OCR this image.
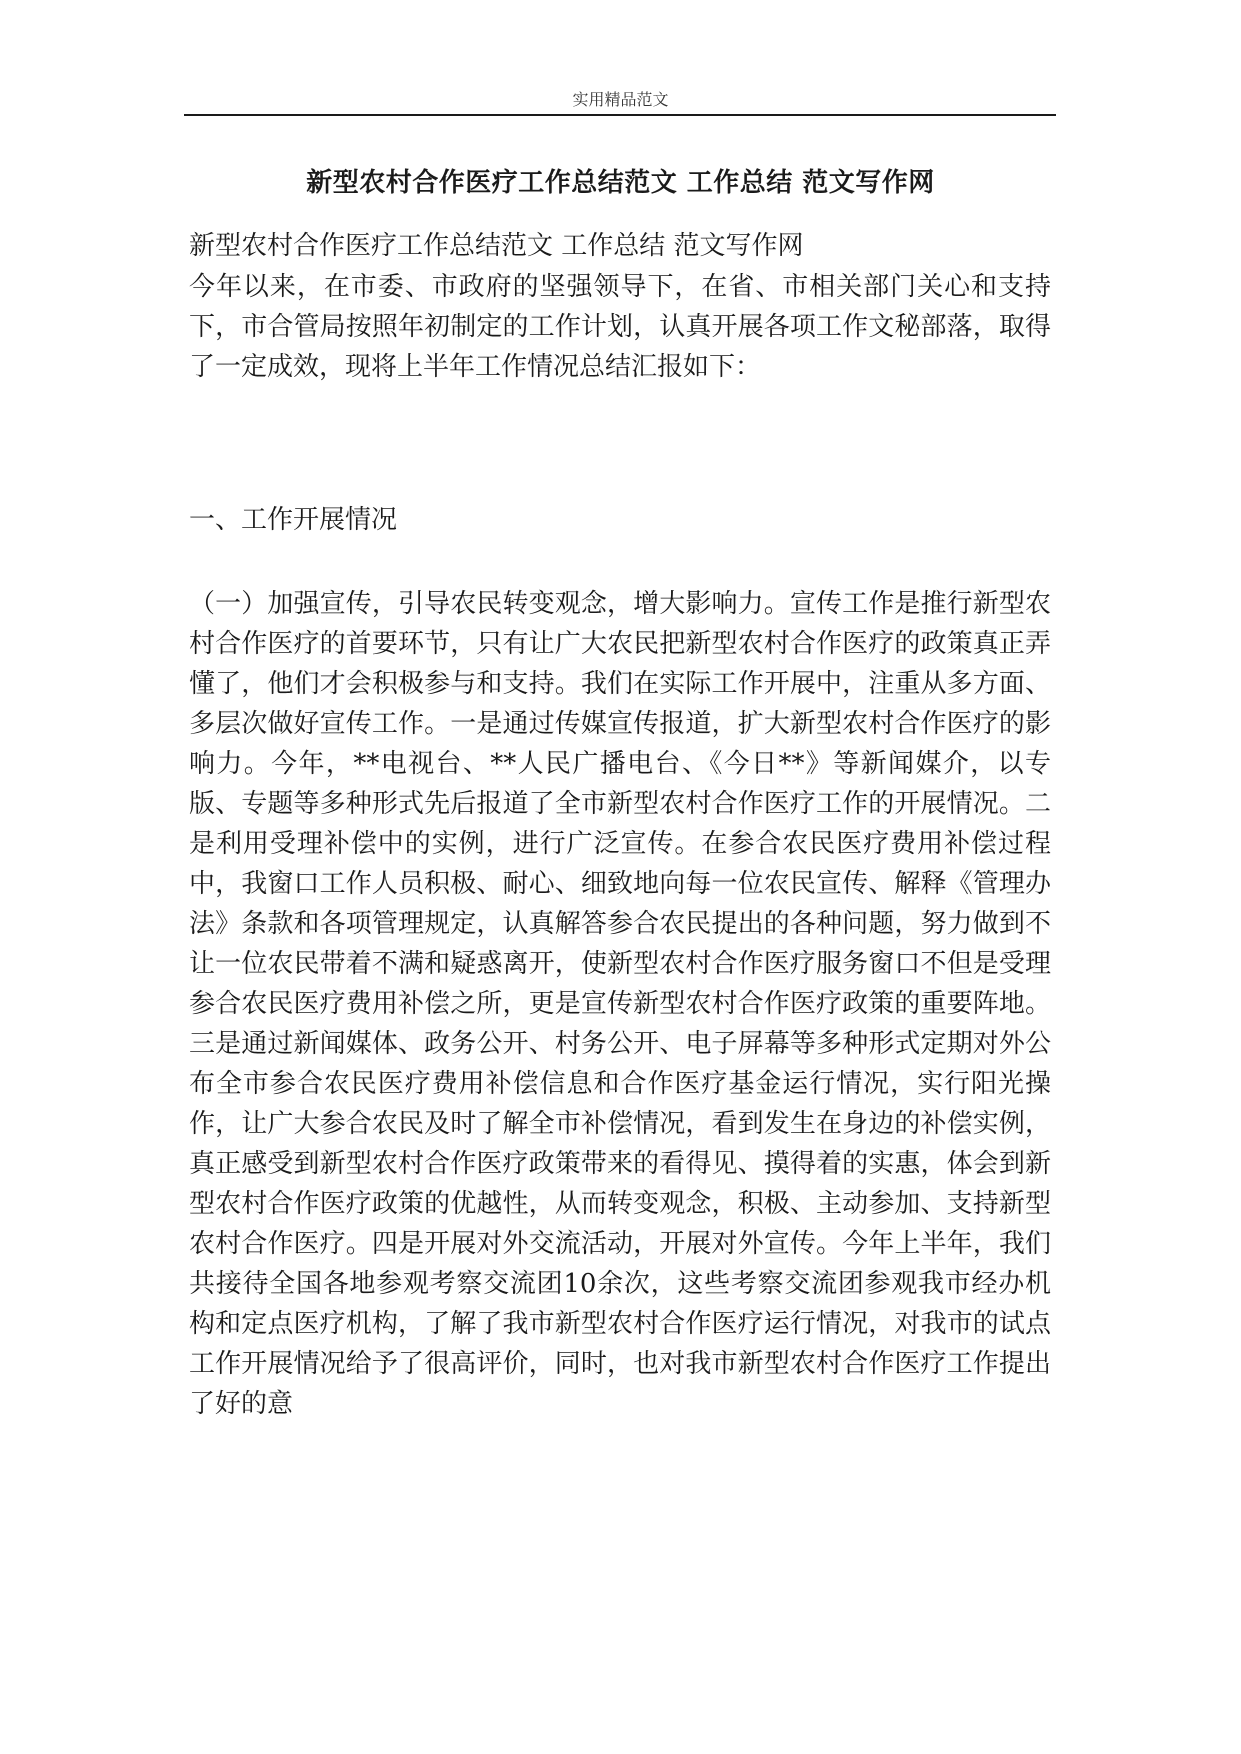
实用精品范文
新型农村合作医疗工作总结范文 工作总结 范文写作网

新型农村合作医疗工作总结范文 工作总结 范文写作网

今年以来，在市委、市政府的坚强领导下，在省、市相关部门关心和支持下，市合管局按照年初制定的工作计划，认真开展各项工作文秘部落，取得了一定成效，现将上半年工作情况总结汇报如下：

一、工作开展情况

（一）加强宣传，引导农民转变观念，增大影响力。宣传工作是推行新型农村合作医疗的首要环节，只有让广大农民把新型农村合作医疗的政策真正弄懂了，他们才会积极参与和支持。我们在实际工作开展中，注重从多方面、多层次做好宣传工作。一是通过传媒宣传报道，扩大新型农村合作医疗的影响力。今年，**电视台、**人民广播电台、《今日**》等新闻媒介，以专版、专题等多种形式先后报道了全市新型农村合作医疗工作的开展情况。二是利用受理补偿中的实例，进行广泛宣传。在参合农民医疗费用补偿过程中，我窗口工作人员积极、耐心、细致地向每一位农民宣传、解释《管理办法》条款和各项管理规定，认真解答参合农民提出的各种问题，努力做到不让一位农民带着不满和疑惑离开，使新型农村合作医疗服务窗口不但是受理参合农民医疗费用补偿之所，更是宣传新型农村合作医疗政策的重要阵地。三是通过新闻媒体、政务公开、村务公开、电子屏幕等多种形式定期对外公布全市参合农民医疗费用补偿信息和合作医疗基金运行情况，实行阳光操作，让广大参合农民及时了解全市补偿情况，看到发生在身边的补偿实例，真正感受到新型农村合作医疗政策带来的看得见、摸得着的实惠，体会到新型农村合作医疗政策的优越性，从而转变观念，积极、主动参加、支持新型农村合作医疗。四是开展对外交流活动，开展对外宣传。今年上半年，我们共接待全国各地参观考察交流团10余次，这些考察交流团参观我市经办机构和定点医疗机构，了解了我市新型农村合作医疗运行情况，对我市的试点工作开展情况给予了很高评价，同时，也对我市新型农村合作医疗工作提出了好的意
